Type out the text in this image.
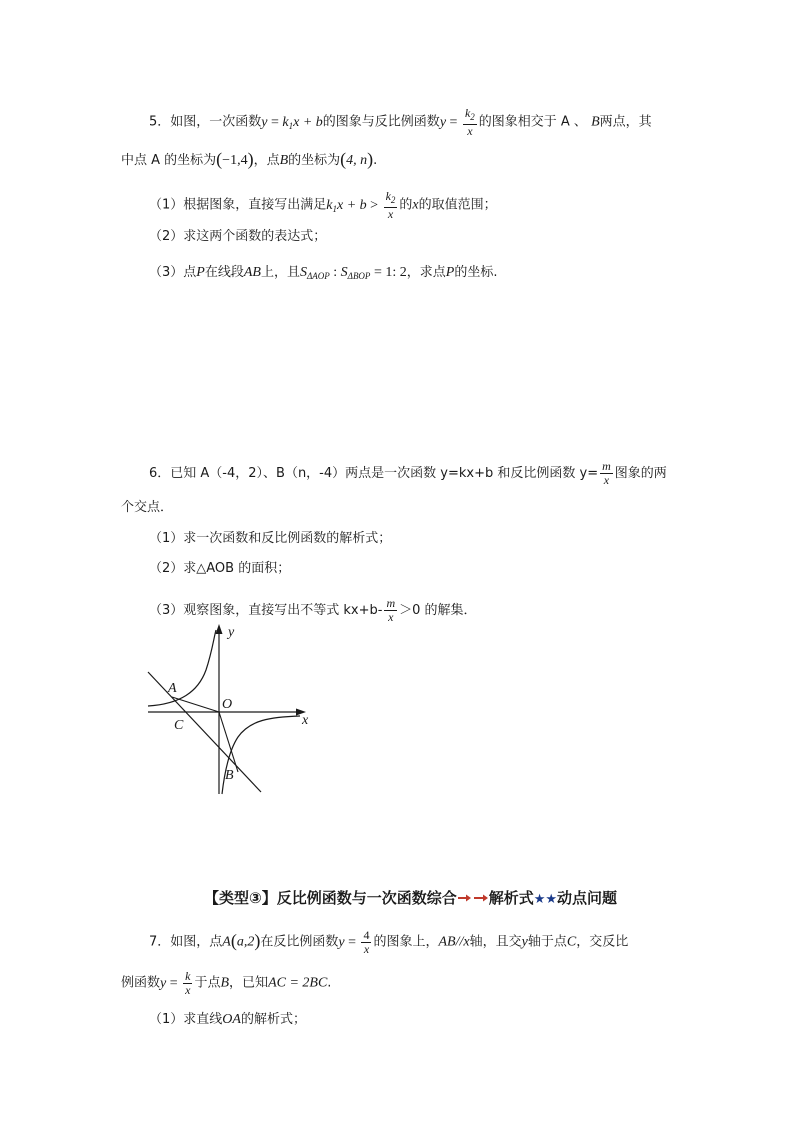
5．如图，一次函数$y = k_1x + b$的图象与反比例函数$y = \frac{k_2}{x}$ 的图象相交于 A 、 B两点，其
中点 A 的坐标为(−1,4)，点B的坐标为(4, n).
（1）根据图象，直接写出满足$k_1x + b > \frac{k_2}{x}$ 的x的取值范围；
（2）求这两个函数的表达式；
（3）点P在线段AB上，且$S_{\Delta AOP}$ : $S_{\Delta BOP} = 1$: 2，求点P的坐标.
6．已知 A（-4，2）、B（n，-4）两点是一次函数 y=kx+b 和反比例函数 $y= \frac{m}{x}$ 图象的两
个交点．
（1）求一次函数和反比例函数的解析式；
（2）求△AOB 的面积；
（3）观察图象，直接写出不等式 $kx+b- \frac{m}{x} >0$ 的解集．
y
x
O
A
C
B
【类型③】反比例函数与一次函数综合 解析式★★动点问题
7．如图，点A(a,2)在反比例函数$y = \frac{4}{x}$ 的图象上，AB//x轴，且交y轴于点C，交反比
例函数$y = \frac{k}{x}$ 于点B，已知AC = 2BC.
（1）求直线OA的解析式；
